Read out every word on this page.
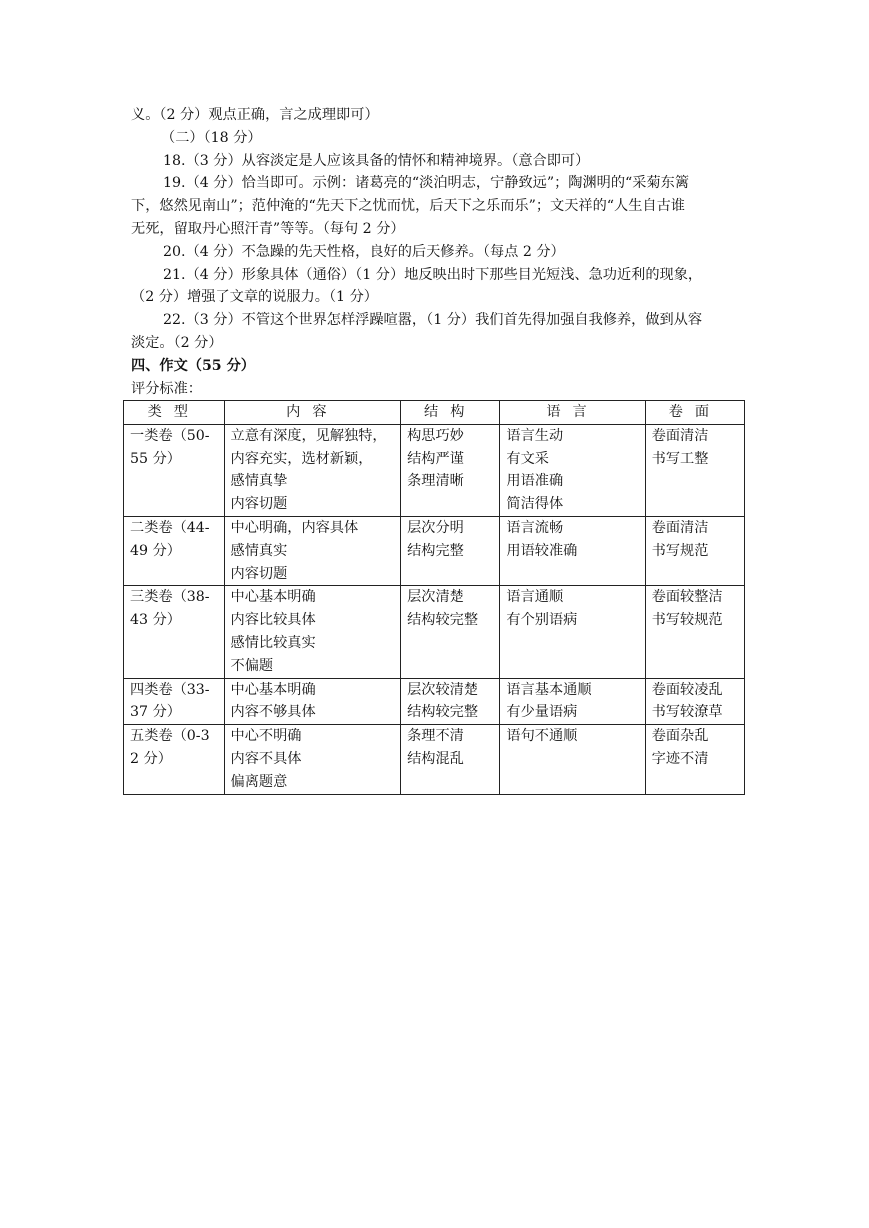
义。（2 分）观点正确，言之成理即可）
（二）（18 分）
18.（3 分）从容淡定是人应该具备的情怀和精神境界。（意合即可）
19.（4 分）恰当即可。示例：诸葛亮的“淡泊明志，宁静致远”；陶渊明的“采菊东篱
下，悠然见南山”；范仲淹的“先天下之忧而忧，后天下之乐而乐”；文天祥的“人生自古谁
无死，留取丹心照汗青”等等。（每句 2 分）
20.（4 分）不急躁的先天性格，良好的后天修养。（每点 2 分）
21.（4 分）形象具体（通俗）（1 分）地反映出时下那些目光短浅、急功近利的现象，
（2 分）增强了文章的说服力。（1 分）
22.（3 分）不管这个世界怎样浮躁喧嚣，（1 分）我们首先得加强自我修养，做到从容
淡定。（2 分）
四、作文（55 分）
评分标准：
类型	内容	结构	语言	卷面

一类卷（50-
55 分）	立意有深度，见解独特，
内容充实，选材新颖，
感情真挚
内容切题	构思巧妙
结构严谨
条理清晰	语言生动
有文采
用语准确
简洁得体	卷面清洁
书写工整

二类卷（44-
49 分）	中心明确，内容具体
感情真实
内容切题	层次分明
结构完整	语言流畅
用语较准确	卷面清洁
书写规范

三类卷（38-
43 分）	中心基本明确
内容比较具体
感情比较真实
不偏题	层次清楚
结构较完整	语言通顺
有个别语病	卷面较整洁
书写较规范

四类卷（33-
37 分）	中心基本明确
内容不够具体	层次较清楚
结构较完整	语言基本通顺
有少量语病	卷面较凌乱
书写较潦草

五类卷（0-3
2 分）	中心不明确
内容不具体
偏离题意	条理不清
结构混乱	语句不通顺	卷面杂乱
字迹不清
